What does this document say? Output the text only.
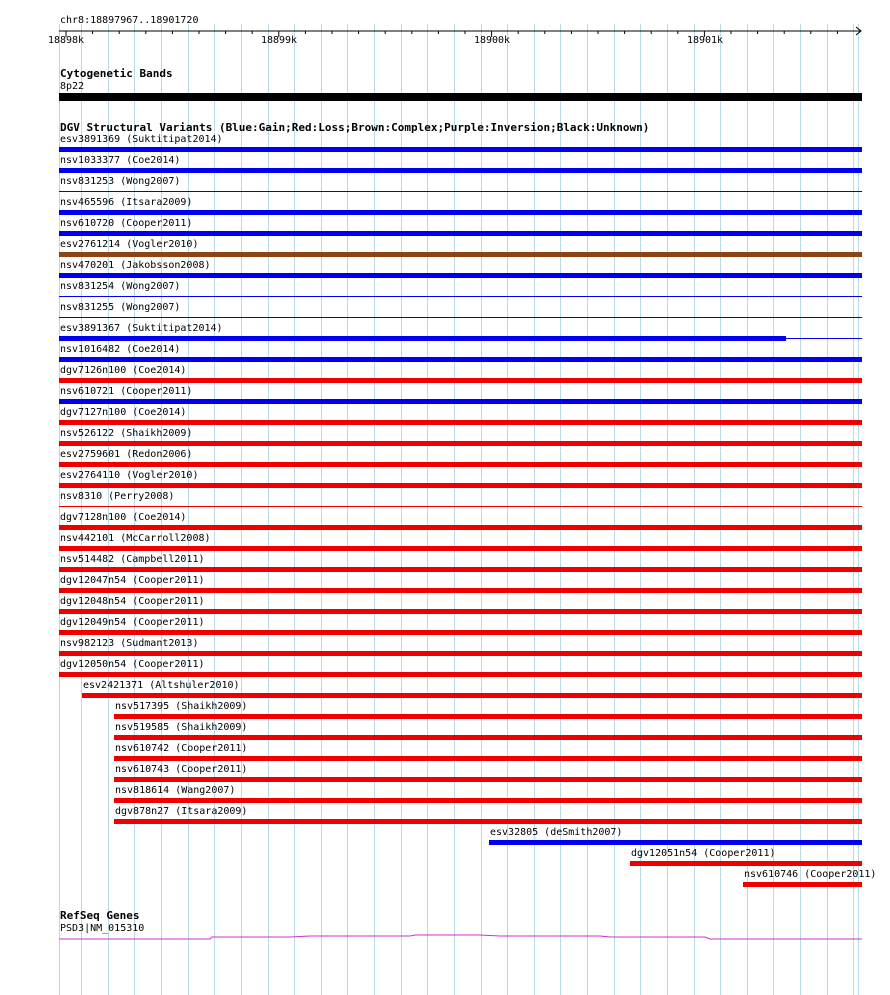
chr8:18897967..18901720
18898k	18899k	18900k	18901k
Cytogenetic Bands
8p22
DGV Structural Variants (Blue:Gain;Red:Loss;Brown:Complex;Purple:Inversion;Black:Unknown)
esv3891369 (Suktitipat2014)
nsv1033377 (Coe2014)
nsv831253 (Wong2007)
nsv465596 (Itsara2009)
nsv610720 (Cooper2011)
esv2761214 (Vogler2010)
nsv470201 (Jakobsson2008)
nsv831254 (Wong2007)
nsv831255 (Wong2007)
esv3891367 (Suktitipat2014)
nsv1016482 (Coe2014)
dgv7126n100 (Coe2014)
nsv610721 (Cooper2011)
dgv7127n100 (Coe2014)
nsv526122 (Shaikh2009)
esv2759601 (Redon2006)
esv2764110 (Vogler2010)
nsv8310 (Perry2008)
dgv7128n100 (Coe2014)
nsv442101 (McCarroll2008)
nsv514482 (Campbell2011)
dgv12047n54 (Cooper2011)
dgv12048n54 (Cooper2011)
dgv12049n54 (Cooper2011)
nsv982123 (Sudmant2013)
dgv12050n54 (Cooper2011)
esv2421371 (Altshuler2010)
nsv517395 (Shaikh2009)
nsv519585 (Shaikh2009)
nsv610742 (Cooper2011)
nsv610743 (Cooper2011)
nsv818614 (Wang2007)
dgv878n27 (Itsara2009)
esv32805 (deSmith2007)
dgv12051n54 (Cooper2011)
nsv610746 (Cooper2011)
RefSeq Genes
PSD3|NM_015310
